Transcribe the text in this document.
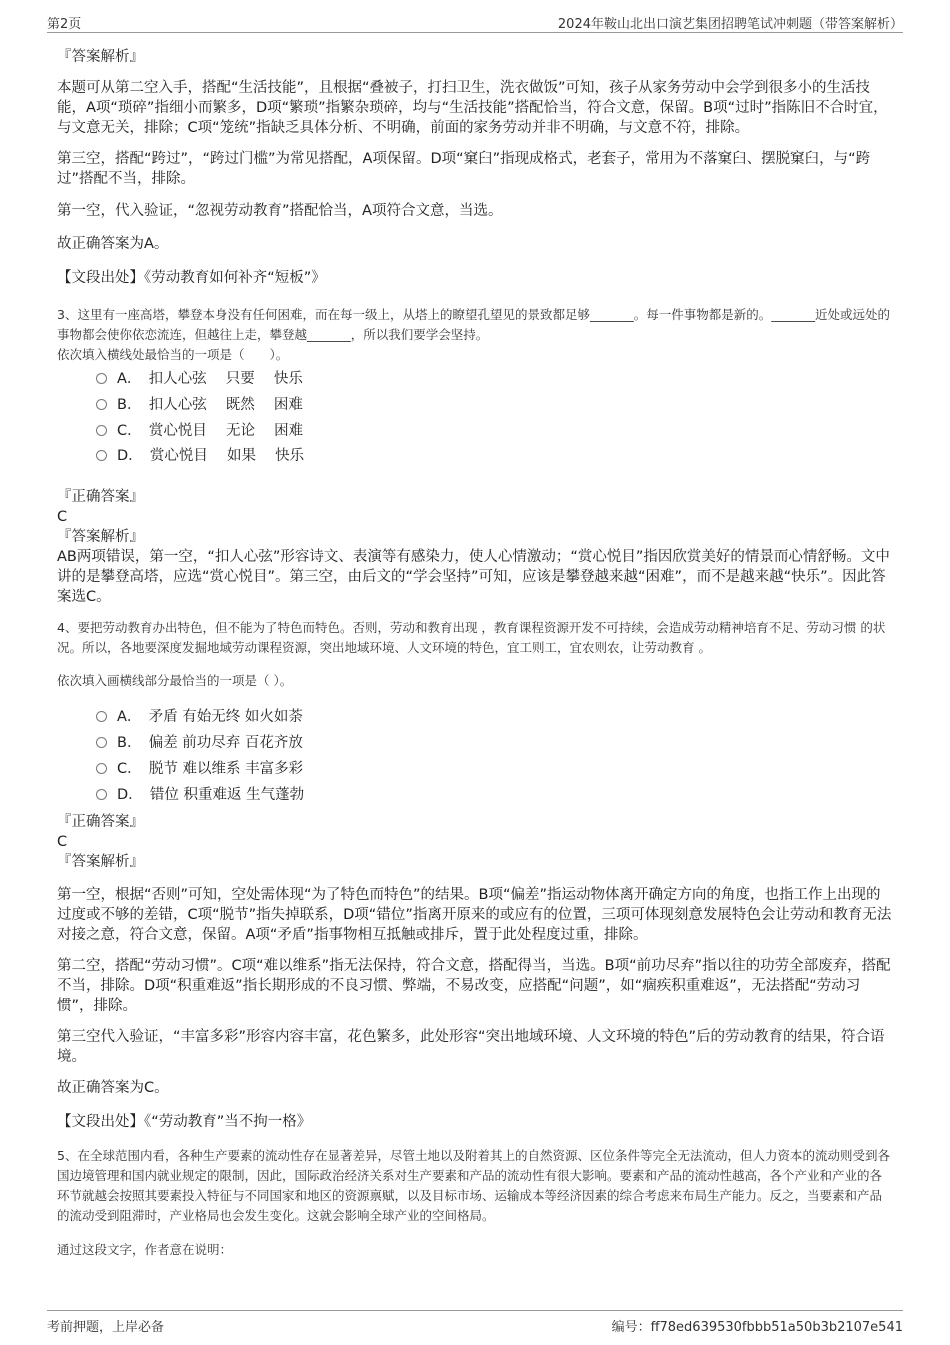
第2页	2024年鞍山北出口演艺集团招聘笔试冲刺题（带答案解析）
『答案解析』

本题可从第二空入手，搭配“生活技能”，且根据“叠被子，打扫卫生，洗衣做饭”可知，孩子从家务劳动中会学到很多小的生活技能，A项“琐碎”指细小而繁多，D项“繁琐”指繁杂琐碎，均与“生活技能”搭配恰当，符合文意，保留。B项“过时”指陈旧不合时宜，与文意无关，排除；C项“笼统”指缺乏具体分析、不明确，前面的家务劳动并非不明确，与文意不符，排除。

第三空，搭配“跨过”，“跨过门槛”为常见搭配，A项保留。D项“窠臼”指现成格式，老套子，常用为不落窠臼、摆脱窠臼，与“跨过”搭配不当，排除。

第一空，代入验证，“忽视劳动教育”搭配恰当，A项符合文意，当选。

故正确答案为A。

【文段出处】《劳动教育如何补齐“短板”》

3、这里有一座高塔，攀登本身没有任何困难，而在每一级上，从塔上的瞭望孔望见的景致都足够_______。每一件事物都是新的。_______近处或远处的事物都会使你依恋流连，但越往上走，攀登越_______，所以我们要学会坚持。

依次填入横线处最恰当的一项是（　　）。
A．　扣人心弦　 只要　 快乐
B．　扣人心弦　 既然　 困难
C．　赏心悦目　 无论　 困难
D．　赏心悦目　 如果　 快乐
『正确答案』
C
『答案解析』

AB两项错误，第一空，“扣人心弦”形容诗文、表演等有感染力，使人心情激动；“赏心悦目”指因欣赏美好的情景而心情舒畅。文中讲的是攀登高塔，应选“赏心悦目”。第三空，由后文的“学会坚持”可知，应该是攀登越来越“困难”，而不是越来越“快乐”。因此答案选C。

4、要把劳动教育办出特色，但不能为了特色而特色。否则，劳动和教育出现 ，教育课程资源开发不可持续，会造成劳动精神培育不足、劳动习惯 的状况。所以，各地要深度发掘地域劳动课程资源，突出地域环境、人文环境的特色，宜工则工，宜农则农，让劳动教育 。

依次填入画横线部分最恰当的一项是（ ）。
A．　矛盾 有始无终 如火如荼
B．　偏差 前功尽弃 百花齐放
C．　脱节 难以维系 丰富多彩
D．　错位 积重难返 生气蓬勃
『正确答案』
C
『答案解析』

第一空，根据“否则”可知，空处需体现“为了特色而特色”的结果。B项“偏差”指运动物体离开确定方向的角度，也指工作上出现的过度或不够的差错，C项“脱节”指失掉联系，D项“错位”指离开原来的或应有的位置，三项可体现刻意发展特色会让劳动和教育无法对接之意，符合文意，保留。A项“矛盾”指事物相互抵触或排斥，置于此处程度过重，排除。

第二空，搭配“劳动习惯”。C项“难以维系”指无法保持，符合文意，搭配得当，当选。B项“前功尽弃”指以往的功劳全部废弃，搭配不当，排除。D项“积重难返”指长期形成的不良习惯、弊端，不易改变，应搭配“问题”，如“痼疾积重难返”，无法搭配“劳动习惯”，排除。

第三空代入验证，“丰富多彩”形容内容丰富，花色繁多，此处形容“突出地域环境、人文环境的特色”后的劳动教育的结果，符合语境。

故正确答案为C。

【文段出处】《“劳动教育”当不拘一格》

5、在全球范围内看，各种生产要素的流动性存在显著差异，尽管土地以及附着其上的自然资源、区位条件等完全无法流动，但人力资本的流动则受到各国边境管理和国内就业规定的限制，因此，国际政治经济关系对生产要素和产品的流动性有很大影响。要素和产品的流动性越高，各个产业和产业的各环节就越会按照其要素投入特征与不同国家和地区的资源禀赋，以及目标市场、运输成本等经济因素的综合考虑来布局生产能力。反之，当要素和产品的流动受到阻滞时，产业格局也会发生变化。这就会影响全球产业的空间格局。

通过这段文字，作者意在说明：
考前押题，上岸必备	编号：ff78ed639530fbbb51a50b3b2107e541
